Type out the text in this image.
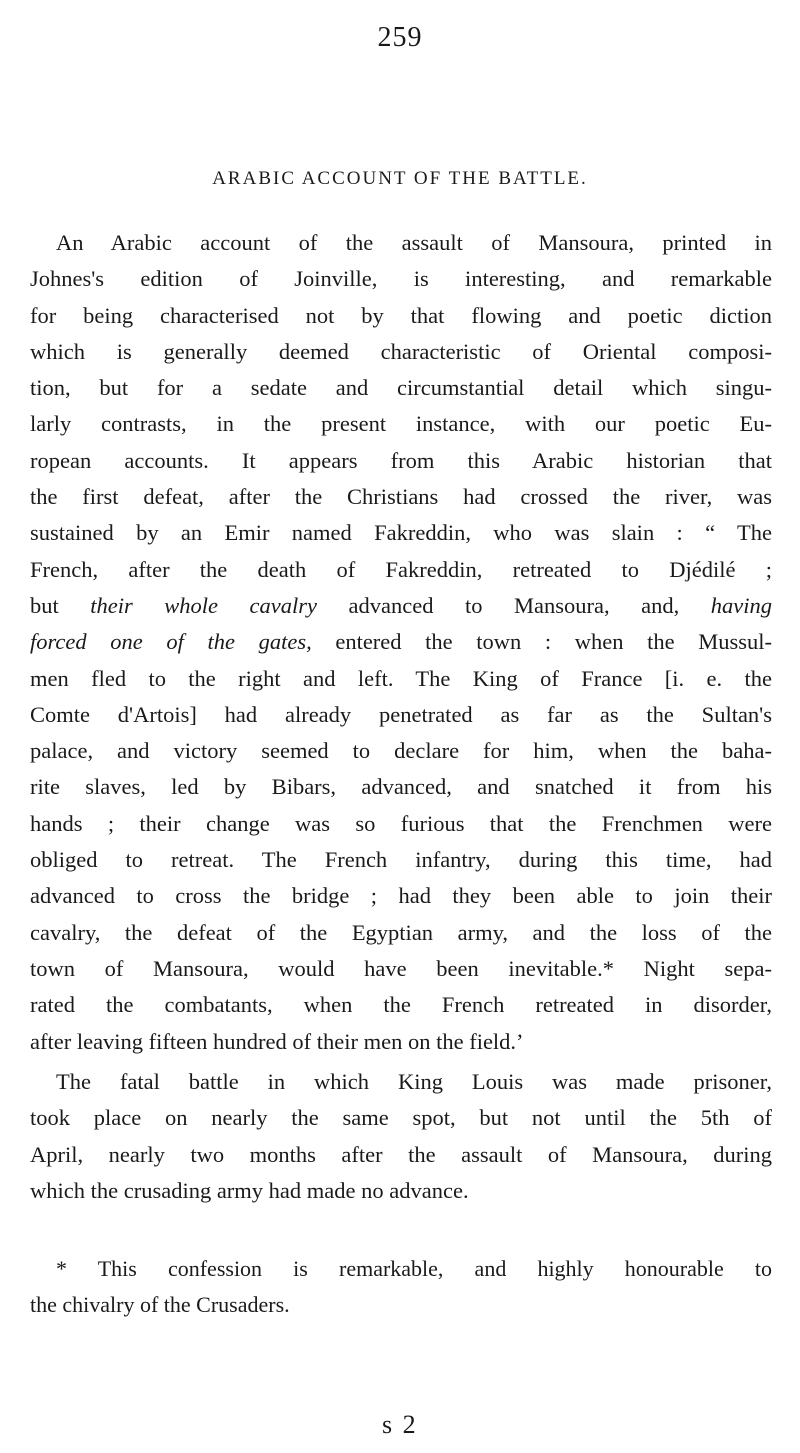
259
ARABIC ACCOUNT OF THE BATTLE.
An Arabic account of the assault of Mansoura, printed in
Johnes's edition of Joinville, is interesting, and remarkable
for being characterised not by that flowing and poetic diction
which is generally deemed characteristic of Oriental composi-
tion, but for a sedate and circumstantial detail which singu-
larly contrasts, in the present instance, with our poetic Eu-
ropean accounts. It appears from this Arabic historian that
the first defeat, after the Christians had crossed the river, was
sustained by an Emir named Fakreddin, who was slain : “ The
French, after the death of Fakreddin, retreated to Djédilé ;
but their whole cavalry advanced to Mansoura, and, having
forced one of the gates, entered the town : when the Mussul-
men fled to the right and left. The King of France [i. e. the
Comte d'Artois] had already penetrated as far as the Sultan's
palace, and victory seemed to declare for him, when the baha-
rite slaves, led by Bibars, advanced, and snatched it from his
hands ; their change was so furious that the Frenchmen were
obliged to retreat. The French infantry, during this time, had
advanced to cross the bridge ; had they been able to join their
cavalry, the defeat of the Egyptian army, and the loss of the
town of Mansoura, would have been inevitable.* Night sepa-
rated the combatants, when the French retreated in disorder,
after leaving fifteen hundred of their men on the field.’
The fatal battle in which King Louis was made prisoner,
took place on nearly the same spot, but not until the 5th of
April, nearly two months after the assault of Mansoura, during
which the crusading army had made no advance.
* This confession is remarkable, and highly honourable to
the chivalry of the Crusaders.
s 2
